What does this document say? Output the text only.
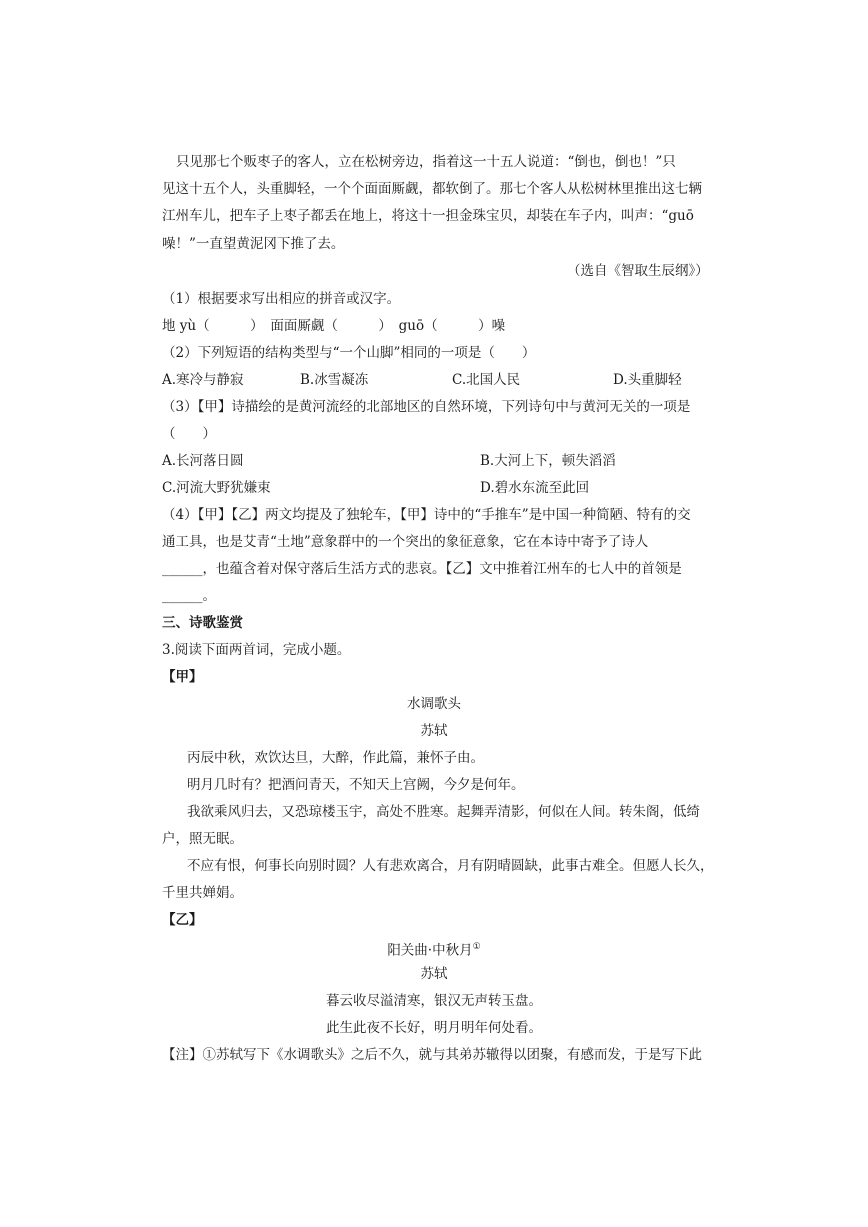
只见那七个贩枣子的客人，立在松树旁边，指着这一十五人说道：“倒也，倒也！”只
见这十五个人，头重脚轻，一个个面面厮觑，都软倒了。那七个客人从松树林里推出这七辆
江州车儿，把车子上枣子都丢在地上，将这十一担金珠宝贝，却装在车子内，叫声：“guō
噪！”一直望黄泥冈下推了去。
（选自《智取生辰纲》）
（1）根据要求写出相应的拼音或汉字。
地 yù（　　　）　面面厮觑（　　　）　guō（　　　）噪
（2）下列短语的结构类型与“一个山脚”相同的一项是（　　）
A.寒冷与静寂	B.冰雪凝冻	C.北国人民	D.头重脚轻
（3）【甲】诗描绘的是黄河流经的北部地区的自然环境，下列诗句中与黄河无关的一项是
（　　）
A.长河落日圆	B.大河上下，顿失滔滔
C.河流大野犹嫌束	D.碧水东流至此回
（4）【甲】【乙】两文均提及了独轮车，【甲】诗中的“手推车”是中国一种简陋、特有的交
通工具，也是艾青“土地”意象群中的一个突出的象征意象，它在本诗中寄予了诗人
______，也蕴含着对保守落后生活方式的悲哀。【乙】文中推着江州车的七人中的首领是
______。
三、诗歌鉴赏
3.阅读下面两首词，完成小题。
【甲】
水调歌头
苏轼
丙辰中秋，欢饮达旦，大醉，作此篇，兼怀子由。
明月几时有？把酒问青天，不知天上宫阙，今夕是何年。
我欲乘风归去，又恐琼楼玉宇，高处不胜寒。起舞弄清影，何似在人间。转朱阁，低绮
户，照无眠。
不应有恨，何事长向别时圆？人有悲欢离合，月有阴晴圆缺，此事古难全。但愿人长久，
千里共婵娟。
【乙】
阳关曲·中秋月①
苏轼
暮云收尽溢清寒，银汉无声转玉盘。
此生此夜不长好，明月明年何处看。
【注】①苏轼写下《水调歌头》之后不久，就与其弟苏辙得以团聚，有感而发，于是写下此
